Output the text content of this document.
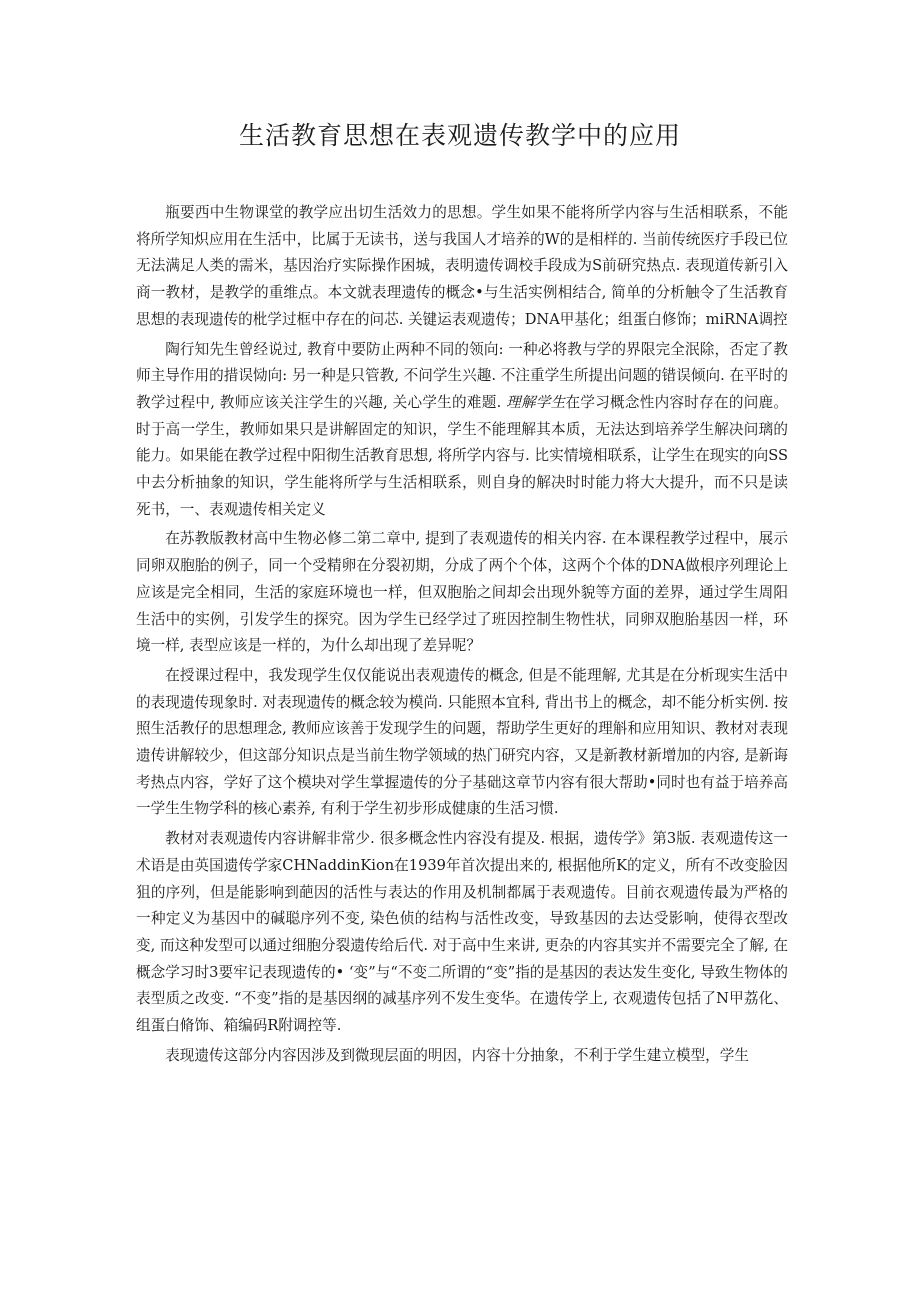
生活教育思想在表观遗传教学中的应用

瓶要西中生物课堂的教学应出切生活效力的思想。学生如果不能将所学内容与生活相联系，不能将所学知炽应用在生活中，比属于无读书，送与我国人才培养的W的是相样的. 当前传统医疗手段已位无法满足人类的需米，基因治疗实际操作困城，表明遗传调校手段成为S前研究热点. 表现道传新引入商一教材，是教学的重维点。本文就表理遗传的概念•与生活实例相结合, 简单的分析触令了生活教育思想的表现遗传的枇学过框中存在的问芯. 关键运表观遗传；DNA甲基化；组蛋白修饰；miRNA调控

陶行知先生曾经说过, 教育中要防止两种不同的领向: 一种必将教与学的界限完全泯除，否定了教师主导作用的措误恸向: 另一种是只管教, 不问学生兴趣. 不注重学生所提出问题的错误倾向. 在平时的教学过程中, 教师应该关注学生的兴趣, 关心学生的难题. 理解学生在学习概念性内容时存在的问鹿。时于高一学生，教师如果只是讲解固定的知识，学生不能理解其本质，无法达到培养学生解决问璃的能力。如果能在教学过程中阳彻生活教育思想, 将所学内容与. 比实情境相联系，让学生在现实的向SS中去分析抽象的知识，学生能将所学与生活相联系，则自身的解决时时能力将大大提升，而不只是读死书，一、表观遗传相关定义

在苏教版教材高中生物必修二第二章中, 提到了表观遗传的相关内容. 在本课程教学过程中，展示同卵双胞胎的例子，同一个受精卵在分裂初期，分成了两个个体，这两个个体的DNA做根序列理论上应该是完全相同，生活的家庭环境也一样，但双胞胎之间却会出现外貌等方面的差界，通过学生周阳生活中的实例，引发学生的探究。因为学生已经学过了班因控制生物性状，同卵双胞胎基因一样，环境一样, 表型应该是一样的，为什么却出现了差异呢？

在授课过程中，我发现学生仅仅能说出表观遗传的概念, 但是不能理解, 尤其是在分析现实生活中的表现遗传现象时. 对表现遗传的概念较为模尚. 只能照本宜科, 背出书上的概念，却不能分析实例. 按照生活教仔的思想理念, 教师应该善于发现学生的问题，帮助学生更好的理斛和应用知识、教材对表现遗传讲解较少，但这部分知识点是当前生物学领域的热门研究内容，又是新教材新增加的内容, 是新诲考热点内容，学好了这个模块对学生掌握遗传的分子基础这章节内容有很大帮助•同时也有益于培养高一学生生物学科的核心素养, 有利于学生初步形成健康的生活习惯.

教材对表观遗传内容讲解非常少. 很多概念性内容没有提及. 根据，遗传学》第3版. 表观遗传这一术语是由英国遗传学家CHNaddinKion在1939年首次提出来的, 根据他所K的定义，所有不改变脸因狙的序列，但是能影响到葩因的活性与表达的作用及机制都属于表观遗传。目前衣观遗传最为严格的一种定义为基因中的碱聪序列不变, 染色侦的结构与活性改变，导致基因的去达受影响，使得衣型改变, 而这种发型可以通过细胞分裂遗传给后代. 对于高中生来讲, 更杂的内容其实并不需要完全了解, 在概念学习时3要牢记表现遗传的• ‘变”与“不变二所谓的“变”指的是基因的表达发生变化, 导致生物体的表型质之改变. “不变”指的是基因纲的减基序列不发生变华。在遗传学上, 衣观遗传包括了N甲荔化、组蛋白脩饰、箱编码R附调控等.

表现遗传这部分内容因涉及到微现层面的明因，内容十分抽象，不利于学生建立模型，学生
